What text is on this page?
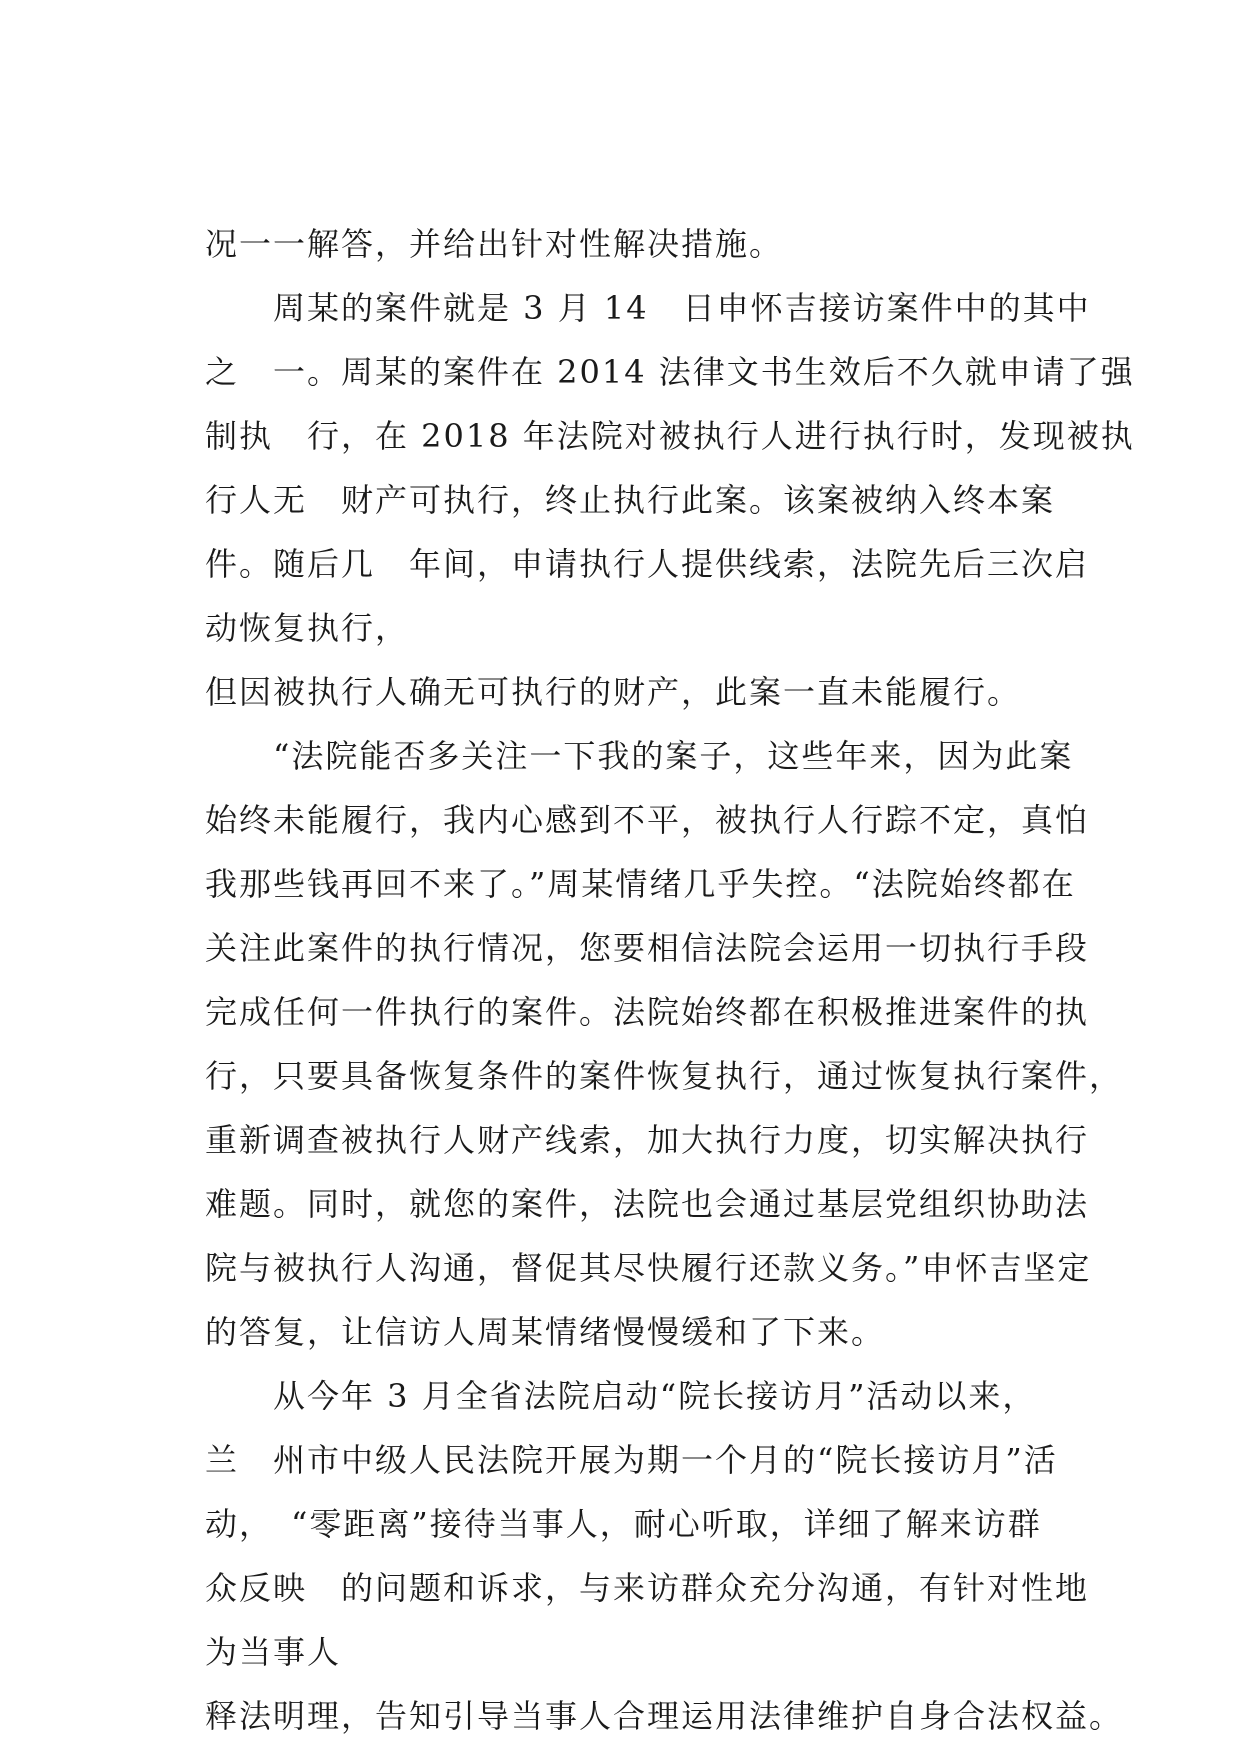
况一一解答，并给出针对性解决措施。
　　周某的案件就是 3 月 14　日申怀吉接访案件中的其中
之　一。周某的案件在 2014 法律文书生效后不久就申请了强
制执　行，在 2018 年法院对被执行人进行执行时，发现被执
行人无　财产可执行，终止执行此案。该案被纳入终本案
件。随后几　年间，申请执行人提供线索，法院先后三次启
动恢复执行，
但因被执行人确无可执行的财产，此案一直未能履行。
　　“法院能否多关注一下我的案子，这些年来，因为此案
始终未能履行，我内心感到不平，被执行人行踪不定，真怕
我那些钱再回不来了。”周某情绪几乎失控。“法院始终都在
关注此案件的执行情况，您要相信法院会运用一切执行手段
完成任何一件执行的案件。法院始终都在积极推进案件的执
行，只要具备恢复条件的案件恢复执行，通过恢复执行案件，
重新调查被执行人财产线索，加大执行力度，切实解决执行
难题。同时，就您的案件，法院也会通过基层党组织协助法
院与被执行人沟通，督促其尽快履行还款义务。”申怀吉坚定
的答复，让信访人周某情绪慢慢缓和了下来。
　　从今年 3 月全省法院启动“院长接访月”活动以来，
兰　州市中级人民法院开展为期一个月的“院长接访月”活
动，　“零距离”接待当事人，耐心听取，详细了解来访群
众反映　的问题和诉求，与来访群众充分沟通，有针对性地
为当事人
释法明理，告知引导当事人合理运用法律维护自身合法权益。
